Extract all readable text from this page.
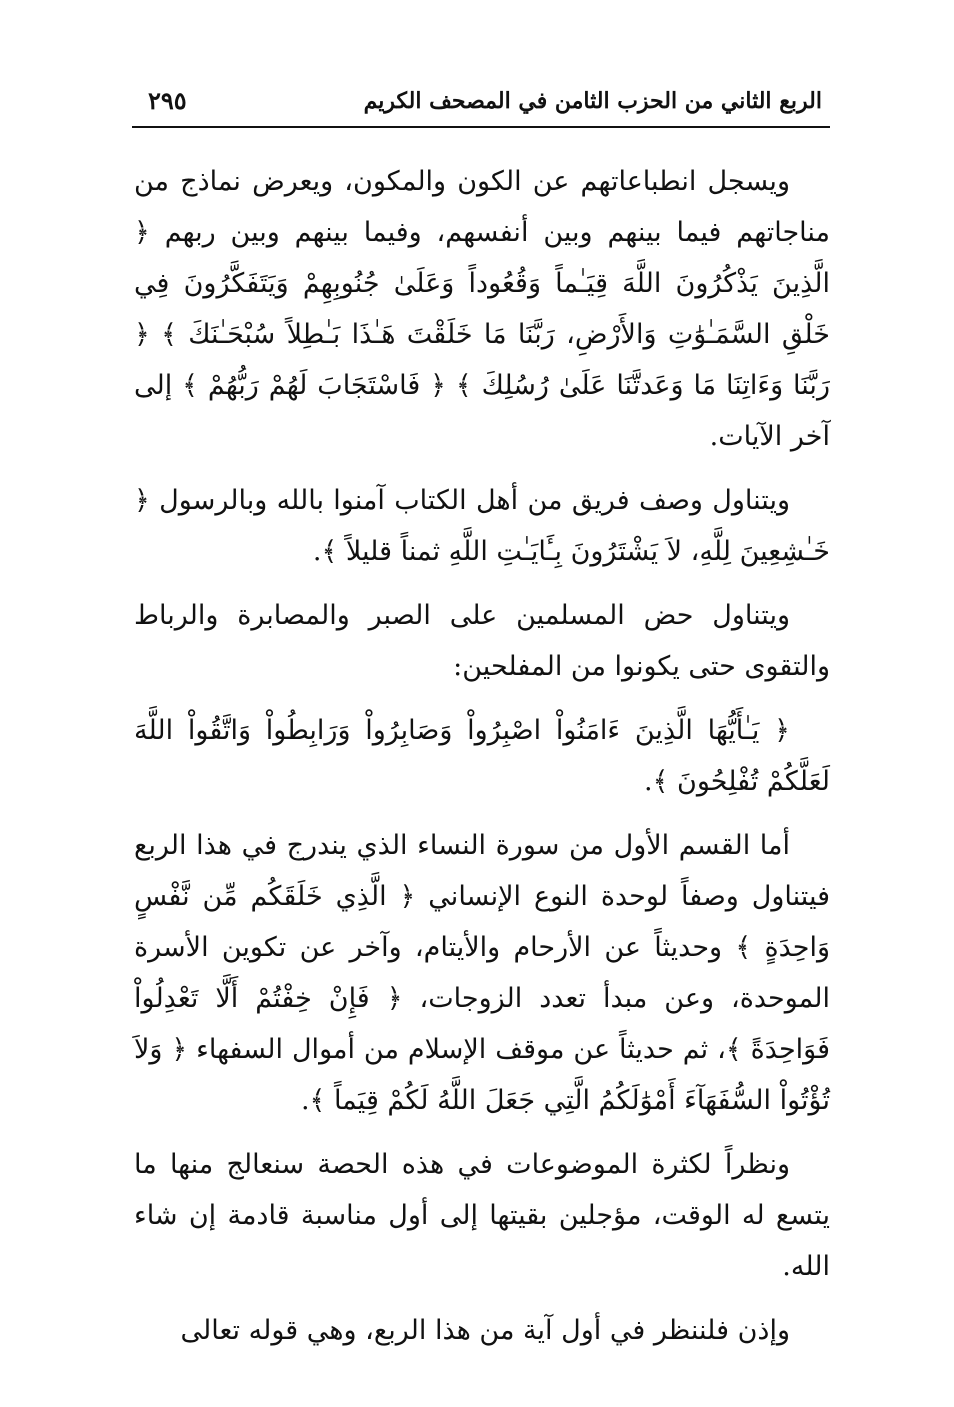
الربع الثاني من الحزب الثامن في المصحف الكريم
٢٩٥

ويسجل انطباعاتهم عن الكون والمكون، ويعرض نماذج من مناجاتهم فيما بينهم وبين أنفسهم، وفيما بينهم وبين ربهم ﴿ الَّذِينَ يَذْكُرُونَ اللَّهَ قِيَـٰماً وَقُعُوداً وَعَلَىٰ جُنُوبِهِمْ وَيَتَفَكَّرُونَ فِي خَلْقِ السَّمَـٰوَٰتِ وَالأَرْضِ، رَبَّنَا مَا خَلَقْتَ هَـٰذَا بَـٰطِلاً سُبْحَـٰنَكَ ﴾ ﴿ رَبَّنَا وَءَاتِنَا مَا وَعَدتَّنَا عَلَىٰ رُسُلِكَ ﴾ ﴿ فَاسْتَجَابَ لَهُمْ رَبُّهُمْ ﴾ إلى آخر الآيات.

ويتناول وصف فريق من أهل الكتاب آمنوا بالله وبالرسول ﴿ خَـٰشِعِينَ لِلَّهِ، لاَ يَشْتَرُونَ بِـَٔايَـٰتِ اللَّهِ ثمناً قليلاً ﴾.

ويتناول حض المسلمين على الصبر والمصابرة والرباط والتقوى حتى يكونوا من المفلحين:

﴿ يَـٰأَيُّهَا الَّذِينَ ءَامَنُواْ اصْبِرُواْ وَصَابِرُواْ وَرَابِطُواْ وَاتَّقُواْ اللَّهَ لَعَلَّكُمْ تُفْلِحُونَ ﴾.

أما القسم الأول من سورة النساء الذي يندرج في هذا الربع فيتناول وصفاً لوحدة النوع الإنساني ﴿ الَّذِي خَلَقَكُم مِّن نَّفْسٍ وَاحِدَةٍ ﴾ وحديثاً عن الأرحام والأيتام، وآخر عن تكوين الأسرة الموحدة، وعن مبدأ تعدد الزوجات، ﴿ فَإِنْ خِفْتُمْ أَلَّا تَعْدِلُواْ فَوَاحِدَةً ﴾، ثم حديثاً عن موقف الإسلام من أموال السفهاء ﴿ وَلاَ تُؤْتُواْ السُّفَهَآءَ أَمْوَٰلَكُمُ الَّتِي جَعَلَ اللَّهُ لَكُمْ قِيَماً ﴾.

ونظراً لكثرة الموضوعات في هذه الحصة سنعالج منها ما يتسع له الوقت، مؤجلين بقيتها إلى أول مناسبة قادمة إن شاء الله.

وإذن فلننظر في أول آية من هذا الربع، وهي قوله تعالى
